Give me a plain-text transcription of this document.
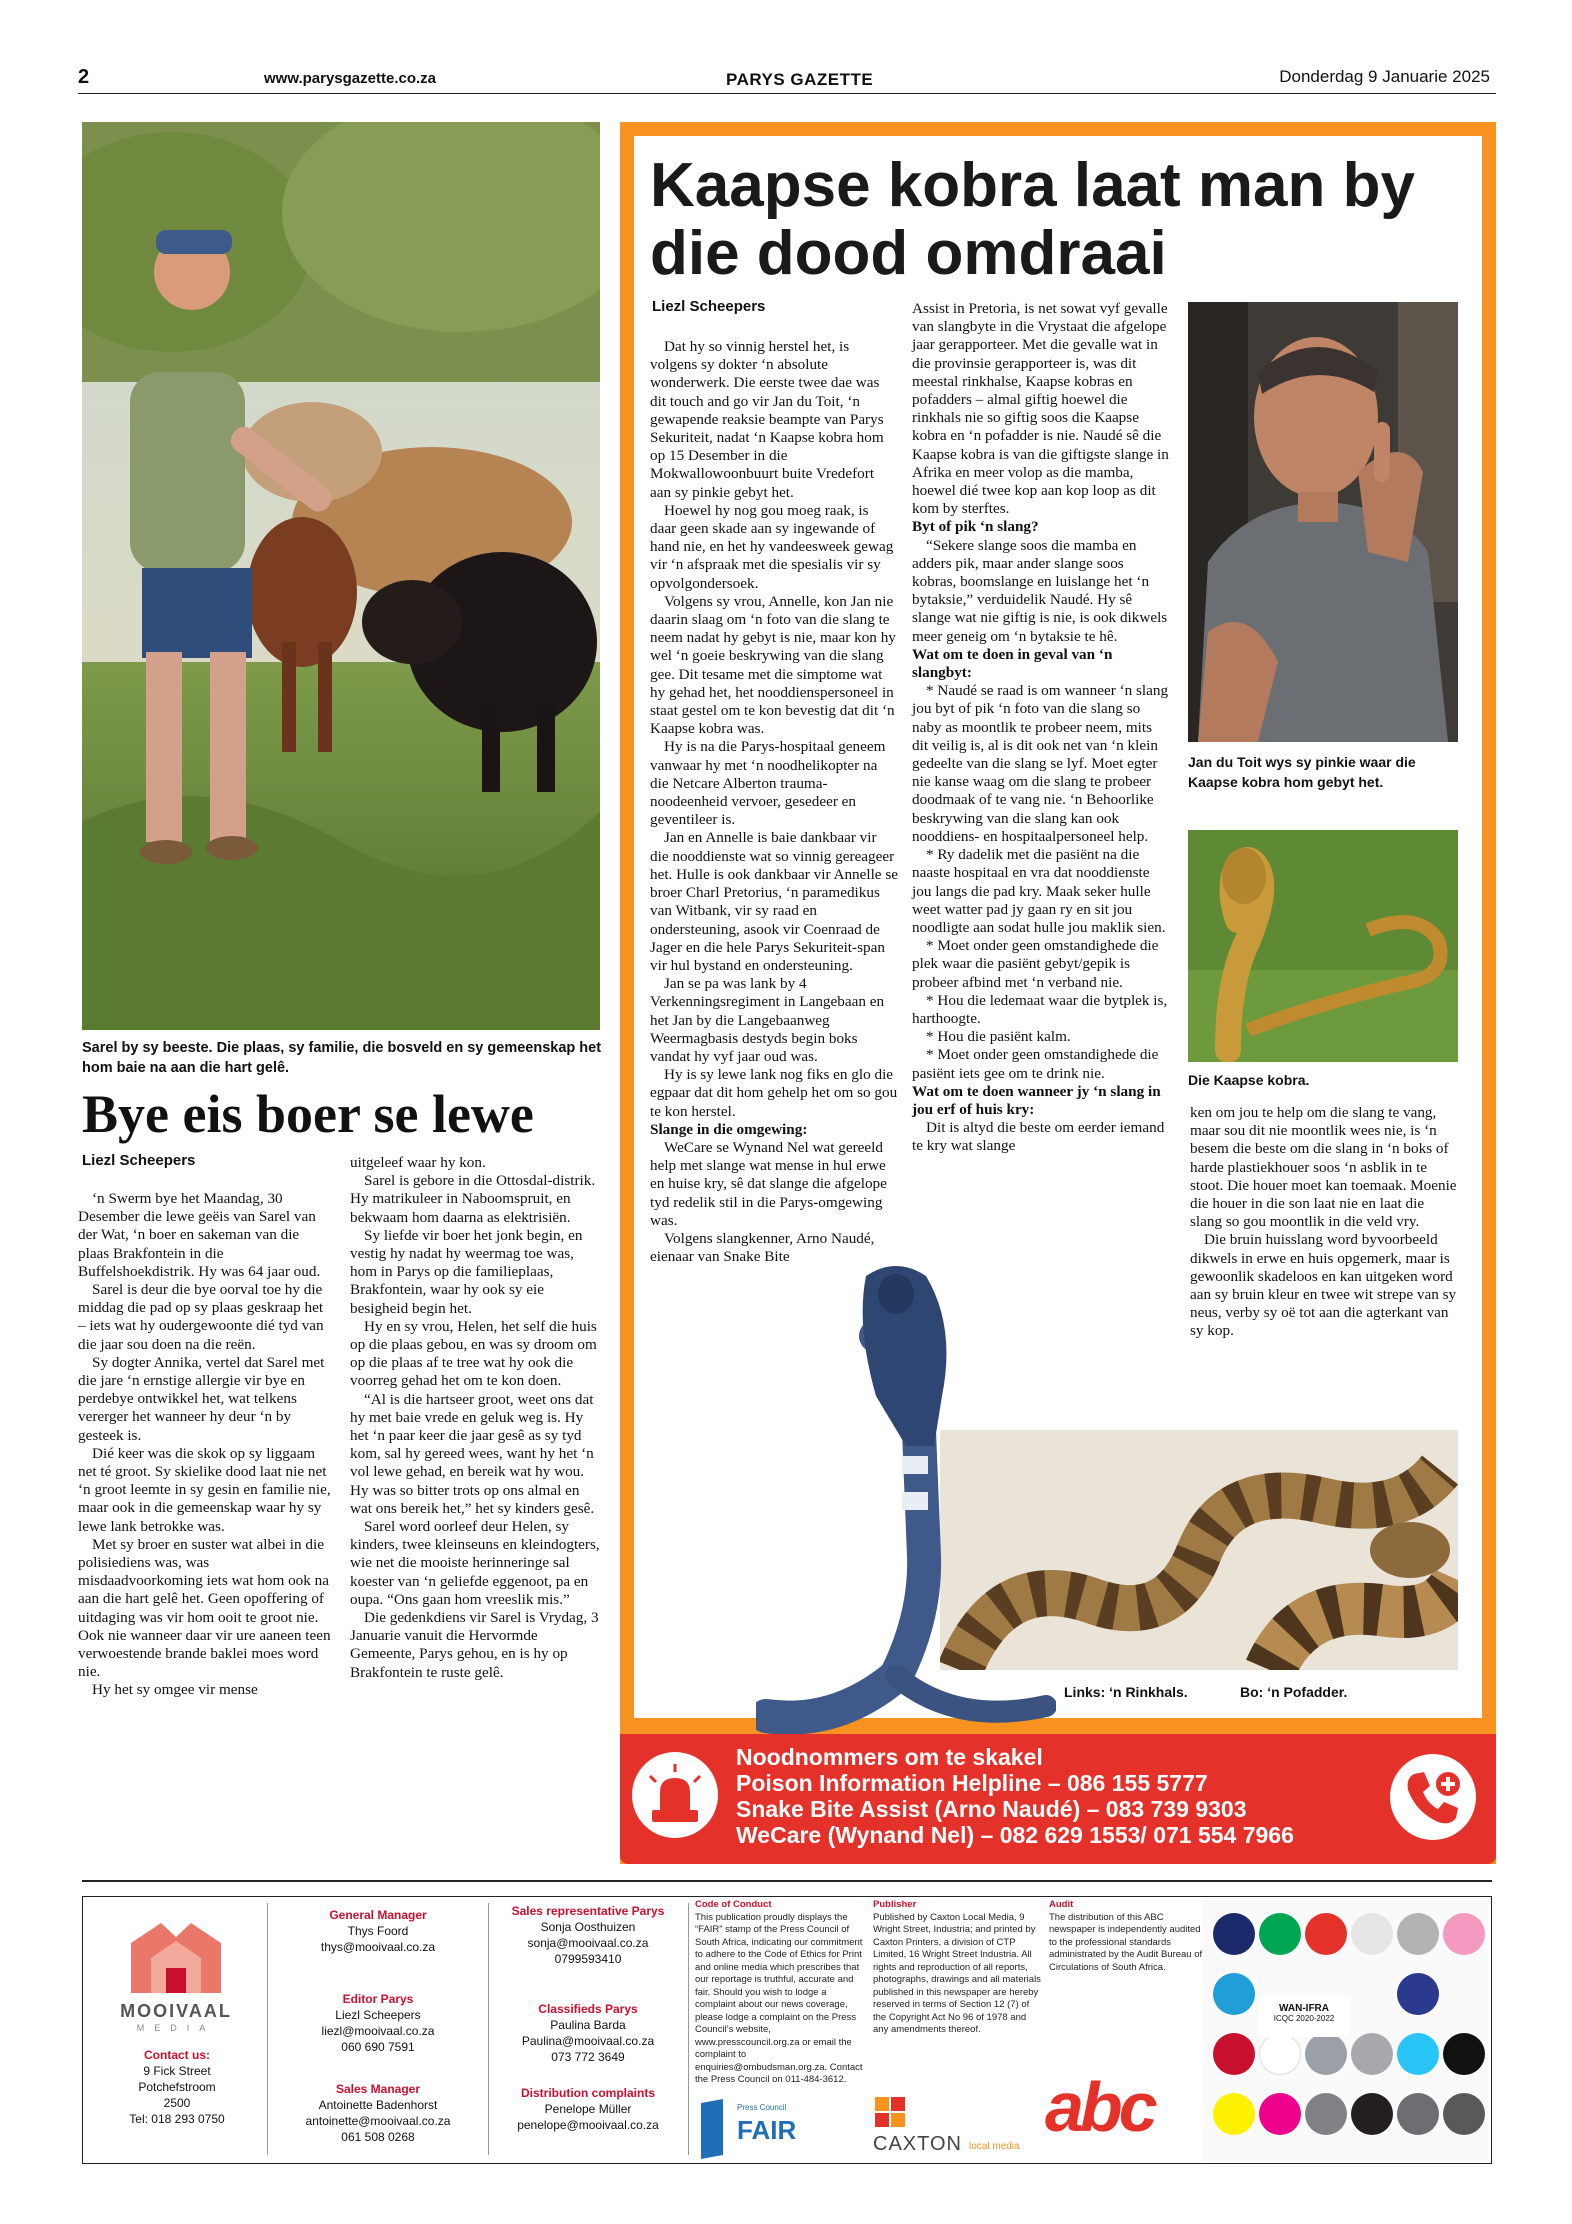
2	www.parysgazette.co.za	PARYS GAZETTE	Donderdag 9 Januarie 2025
Sarel by sy beeste. Die plaas, sy familie, die bosveld en sy gemeenskap het hom baie na aan die hart gelê.
Bye eis boer se lewe
Liezl Scheepers

‘n Swerm bye het Maandag, 30 Desember die lewe geëis van Sarel van der Wat, ‘n boer en sakeman van die plaas Brakfontein in die Buffelshoekdistrik. Hy was 64 jaar oud.

Sarel is deur die bye oorval toe hy die middag die pad op sy plaas geskraap het – iets wat hy oudergewoonte dié tyd van die jaar sou doen na die reën.

Sy dogter Annika, vertel dat Sarel met die jare ‘n ernstige allergie vir bye en perdebye ontwikkel het, wat telkens vererger het wanneer hy deur ‘n by gesteek is.

Dié keer was die skok op sy liggaam net té groot. Sy skielike dood laat nie net ‘n groot leemte in sy gesin en familie nie, maar ook in die gemeenskap waar hy sy lewe lank betrokke was.

Met sy broer en suster wat albei in die polisiediens was, was misdaadvoorkoming iets wat hom ook na aan die hart gelê het. Geen opoffering of uitdaging was vir hom ooit te groot nie. Ook nie wanneer daar vir ure aaneen teen verwoestende brande baklei moes word nie.

Hy het sy omgee vir mense

uitgeleef waar hy kon.

Sarel is gebore in die Ottosdal-distrik. Hy matrikuleer in Naboomspruit, en bekwaam hom daarna as elektrisiën.

Sy liefde vir boer het jonk begin, en vestig hy nadat hy weermag toe was, hom in Parys op die familieplaas, Brakfontein, waar hy ook sy eie besigheid begin het.

Hy en sy vrou, Helen, het self die huis op die plaas gebou, en was sy droom om op die plaas af te tree wat hy ook die voorreg gehad het om te kon doen.

“Al is die hartseer groot, weet ons dat hy met baie vrede en geluk weg is. Hy het ‘n paar keer die jaar gesê as sy tyd kom, sal hy gereed wees, want hy het ‘n vol lewe gehad, en bereik wat hy wou. Hy was so bitter trots op ons almal en wat ons bereik het,” het sy kinders gesê.

Sarel word oorleef deur Helen, sy kinders, twee kleinseuns en kleindogters, wie net die mooiste herinneringe sal koester van ‘n geliefde eggenoot, pa en oupa. “Ons gaan hom vreeslik mis.”

Die gedenkdiens vir Sarel is Vrydag, 3 Januarie vanuit die Hervormde Gemeente, Parys gehou, en is hy op Brakfontein te ruste gelê.

Kaapse kobra laat man by die dood omdraai
Liezl Scheepers

Dat hy so vinnig herstel het, is volgens sy dokter ‘n absolute wonderwerk. Die eerste twee dae was dit touch and go vir Jan du Toit, ‘n gewapende reaksie beampte van Parys Sekuriteit, nadat ‘n Kaapse kobra hom op 15 Desember in die Mokwallowoonbuurt buite Vredefort aan sy pinkie gebyt het.

Hoewel hy nog gou moeg raak, is daar geen skade aan sy ingewande of hand nie, en het hy vandeesweek gewag vir ‘n afspraak met die spesialis vir sy opvolgondersoek.

Volgens sy vrou, Annelle, kon Jan nie daarin slaag om ‘n foto van die slang te neem nadat hy gebyt is nie, maar kon hy wel ‘n goeie beskrywing van die slang gee. Dit tesame met die simptome wat hy gehad het, het nooddienspersoneel in staat gestel om te kon bevestig dat dit ‘n Kaapse kobra was.

Hy is na die Parys-hospitaal geneem vanwaar hy met ‘n noodhelikopter na die Netcare Alberton trauma-noodeenheid vervoer, gesedeer en geventileer is.

Jan en Annelle is baie dankbaar vir die nooddienste wat so vinnig gereageer het. Hulle is ook dankbaar vir Annelle se broer Charl Pretorius, ‘n paramedikus van Witbank, vir sy raad en ondersteuning, asook vir Coenraad de Jager en die hele Parys Sekuriteit-span vir hul bystand en ondersteuning.

Jan se pa was lank by 4 Verkenningsregiment in Langebaan en het Jan by die Langebaanweg Weermagbasis destyds begin boks vandat hy vyf jaar oud was.

Hy is sy lewe lank nog fiks en glo die egpaar dat dit hom gehelp het om so gou te kon herstel.

Slange in die omgewing:

WeCare se Wynand Nel wat gereeld help met slange wat mense in hul erwe en huise kry, sê dat slange die afgelope tyd redelik stil in die Parys-omgewing was.

Volgens slangkenner, Arno Naudé, eienaar van Snake Bite

Assist in Pretoria, is net sowat vyf gevalle van slangbyte in die Vrystaat die afgelope jaar gerapporteer. Met die gevalle wat in die provinsie gerapporteer is, was dit meestal rinkhalse, Kaapse kobras en pofadders – almal giftig hoewel die rinkhals nie so giftig soos die Kaapse kobra en ‘n pofadder is nie. Naudé sê die Kaapse kobra is van die giftigste slange in Afrika en meer volop as die mamba, hoewel dié twee kop aan kop loop as dit kom by sterftes.

Byt of pik ‘n slang?

“Sekere slange soos die mamba en adders pik, maar ander slange soos kobras, boomslange en luislange het ‘n bytaksie,” verduidelik Naudé. Hy sê slange wat nie giftig is nie, is ook dikwels meer geneig om ‘n bytaksie te hê.

Wat om te doen in geval van ‘n slangbyt:

* Naudé se raad is om wanneer ‘n slang jou byt of pik ‘n foto van die slang so naby as moontlik te probeer neem, mits dit veilig is, al is dit ook net van ‘n klein gedeelte van die slang se lyf. Moet egter nie kanse waag om die slang te probeer doodmaak of te vang nie. ‘n Behoorlike beskrywing van die slang kan ook nooddiens- en hospitaalpersoneel help.

* Ry dadelik met die pasiënt na die naaste hospitaal en vra dat nooddienste jou langs die pad kry. Maak seker hulle weet watter pad jy gaan ry en sit jou noodligte aan sodat hulle jou maklik sien.

* Moet onder geen omstandighede die plek waar die pasiënt gebyt/gepik is probeer afbind met ‘n verband nie.

* Hou die ledemaat waar die bytplek is, harthoogte.

* Hou die pasiënt kalm.

* Moet onder geen omstandighede die pasiënt iets gee om te drink nie.

Wat om te doen wanneer jy ‘n slang in jou erf of huis kry:

Dit is altyd die beste om eerder iemand te kry wat slange

ken om jou te help om die slang te vang, maar sou dit nie moontlik wees nie, is ‘n besem die beste om die slang in ‘n boks of harde plastiekhouer soos ‘n asblik in te stoot. Die houer moet kan toemaak. Moenie die houer in die son laat nie en laat die slang so gou moontlik in die veld vry.

Die bruin huisslang word byvoorbeeld dikwels in erwe en huis opgemerk, maar is gewoonlik skadeloos en kan uitgeken word aan sy bruin kleur en twee wit strepe van sy neus, verby sy oë tot aan die agterkant van sy kop.

Jan du Toit wys sy pinkie waar die Kaapse kobra hom gebyt het.
Die Kaapse kobra.
Links: ‘n Rinkhals.	Bo: ‘n Pofadder.
Noodnommers om te skakel
Poison Information Helpline – 086 155 5777
Snake Bite Assist (Arno Naudé) – 083 739 9303
WeCare (Wynand Nel) – 082 629 1553/ 071 554 7966
MOOIVAAL
MEDIA
Contact us:
9 Fick Street
Potchefstroom
2500
Tel: 018 293 0750
General Manager
Thys Foord
thys@mooivaal.co.za
Editor Parys
Liezl Scheepers
liezl@mooivaal.co.za
060 690 7591
Sales Manager
Antoinette Badenhorst
antoinette@mooivaal.co.za
061 508 0268
Sales representative Parys
Sonja Oosthuizen
sonja@mooivaal.co.za
0799593410
Classifieds Parys
Paulina Barda
Paulina@mooivaal.co.za
073 772 3649
Distribution complaints
Penelope Müller
penelope@mooivaal.co.za
Code of Conduct
This publication proudly displays the “FAIR” stamp of the Press Council of South Africa, indicating our commitment to adhere to the Code of Ethics for Print and online media which prescribes that our reportage is truthful, accurate and fair. Should you wish to lodge a complaint about our news coverage, please lodge a complaint on the Press Council’s website, www.presscouncil.org.za or email the complaint to enquiries@ombudsman.org.za. Contact the Press Council on 011-484-3612.
Press Council
FAIR
Publisher
Published by Caxton Local Media, 9 Wright Street, Industria; and printed by Caxton Printers, a division of CTP Limited, 16 Wright Street Industria. All rights and reproduction of all reports, photographs, drawings and all materials published in this newspaper are hereby reserved in terms of Section 12 (7) of the Copyright Act No 96 of 1978 and any amendments thereof.
CAXTON local media
Audit
The distribution of this ABC newspaper is independently audited to the professional standards administrated by the Audit Bureau of Circulations of South Africa.
abc
WAN-IFRA
ICQC 2020-2022
